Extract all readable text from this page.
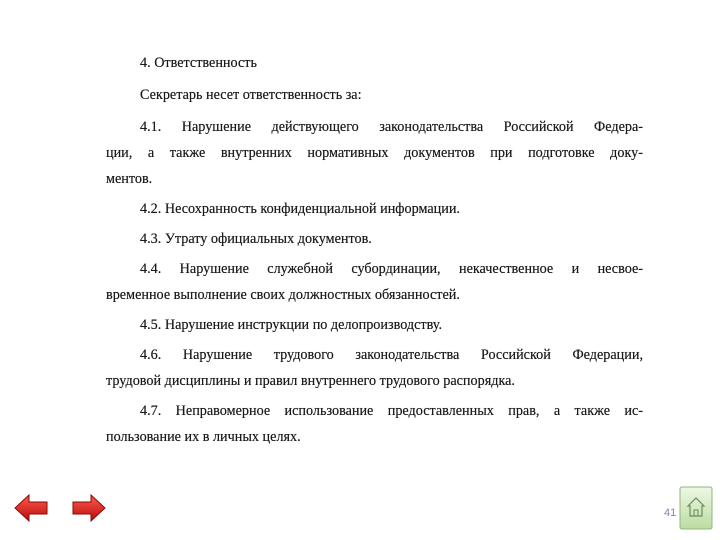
4. Ответственность
Секретарь несет ответственность за:
4.1. Нарушение действующего законодательства Российской Федера-
ции, а также внутренних нормативных документов при подготовке доку-
ментов.
4.2. Несохранность конфиденциальной информации.
4.3. Утрату официальных документов.
4.4. Нарушение служебной субординации, некачественное и несвое-
временное выполнение своих должностных обязанностей.
4.5. Нарушение инструкции по делопроизводству.
4.6. Нарушение трудового законодательства Российской Федерации,
трудовой дисциплины и правил внутреннего трудового распорядка.
4.7. Неправомерное использование предоставленных прав, а также ис-
пользование их в личных целях.
41
